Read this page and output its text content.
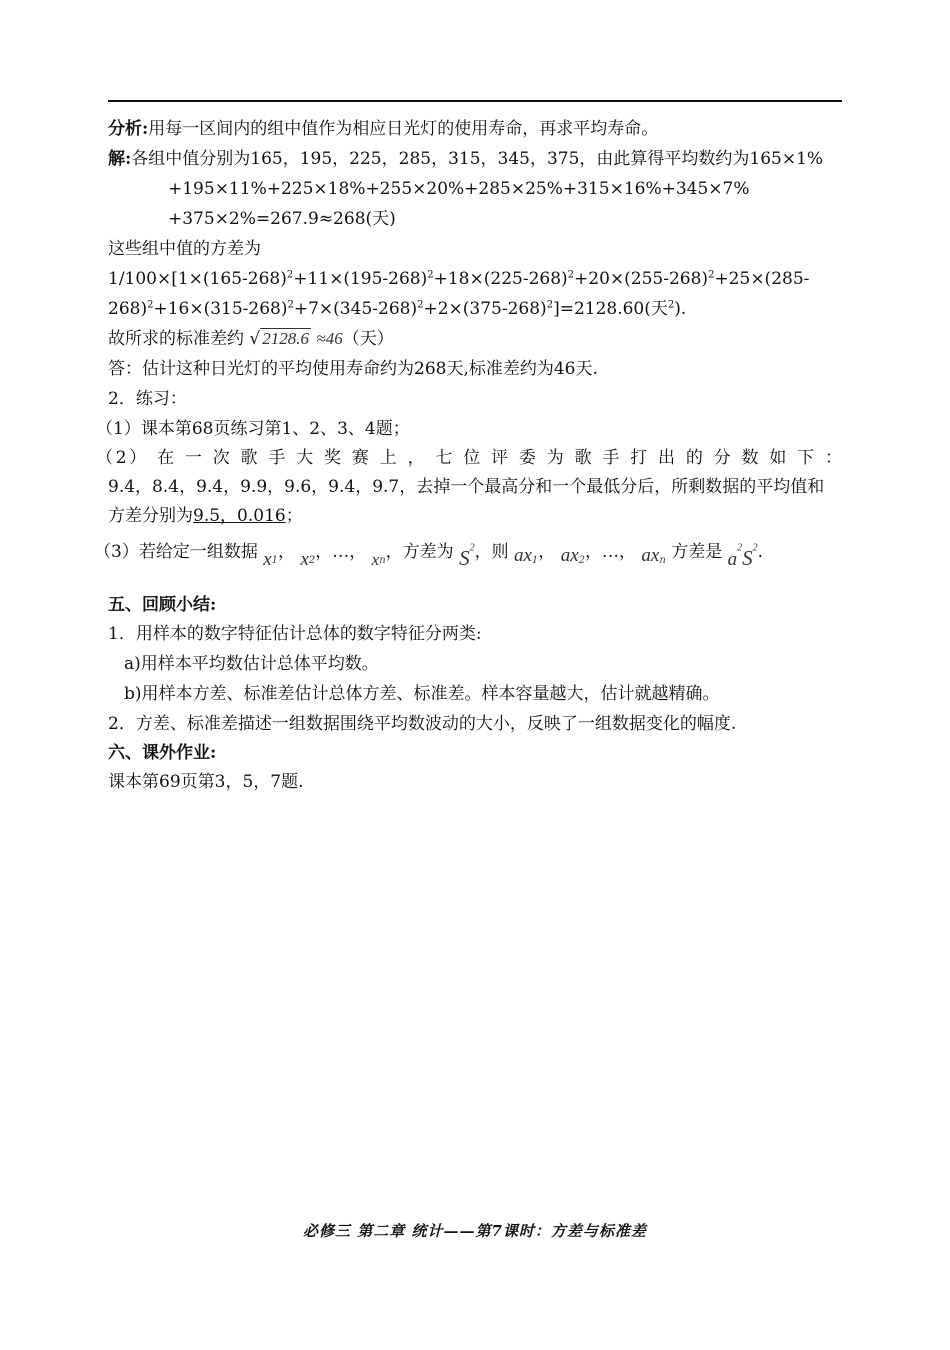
分析:用每一区间内的组中值作为相应日光灯的使用寿命，再求平均寿命。
解:各组中值分别为165，195，225，285，315，345，375，由此算得平均数约为165×1%
+195×11%+225×18%+255×20%+285×25%+315×16%+345×7%
+375×2%=267.9≈268(天)
这些组中值的方差为
$1/100\times[1\times(165-268)^2+11\times(195-268)^2+18\times(225-268)^2+20\times(255-268)^2+25\times(285-$
$268)^2+16\times(315-268)^2+7\times(345-268)^2+2\times(375-268)^2]=2128.60$(天$^2$).
故所求的标准差约 √ 2128.6 ≈46（天）
答：估计这种日光灯的平均使用寿命约为268天,标准差约为46天.
2．练习：
（1）课本第68页练习第1、2、3、4题；
（2） 在 一 次 歌 手 大 奖 赛 上 ， 七 位 评 委 为 歌 手 打 出 的 分 数 如 下 ：
9.4，8.4，9.4，9.9，9.6，9.4，9.7，去掉一个最高分和一个最低分后，所剩数据的平均值和
方差分别为9.5，0.016；
（3）若给定一组数据 $x_1$， $x_2$，…， $x_n$，方差为 $S^2$，则 $ax_1$， $ax_2$，…， $ax_n$ 方差是 $a^2S^2$.
五、回顾小结:
1．用样本的数字特征估计总体的数字特征分两类:
a)用样本平均数估计总体平均数。
b)用样本方差、标准差估计总体方差、标准差。样本容量越大，估计就越精确。
2．方差、标准差描述一组数据围绕平均数波动的大小，反映了一组数据变化的幅度.
六、课外作业:
课本第69页第3，5，7题.
必修三 第二章 统计——第7课时：方差与标准差
